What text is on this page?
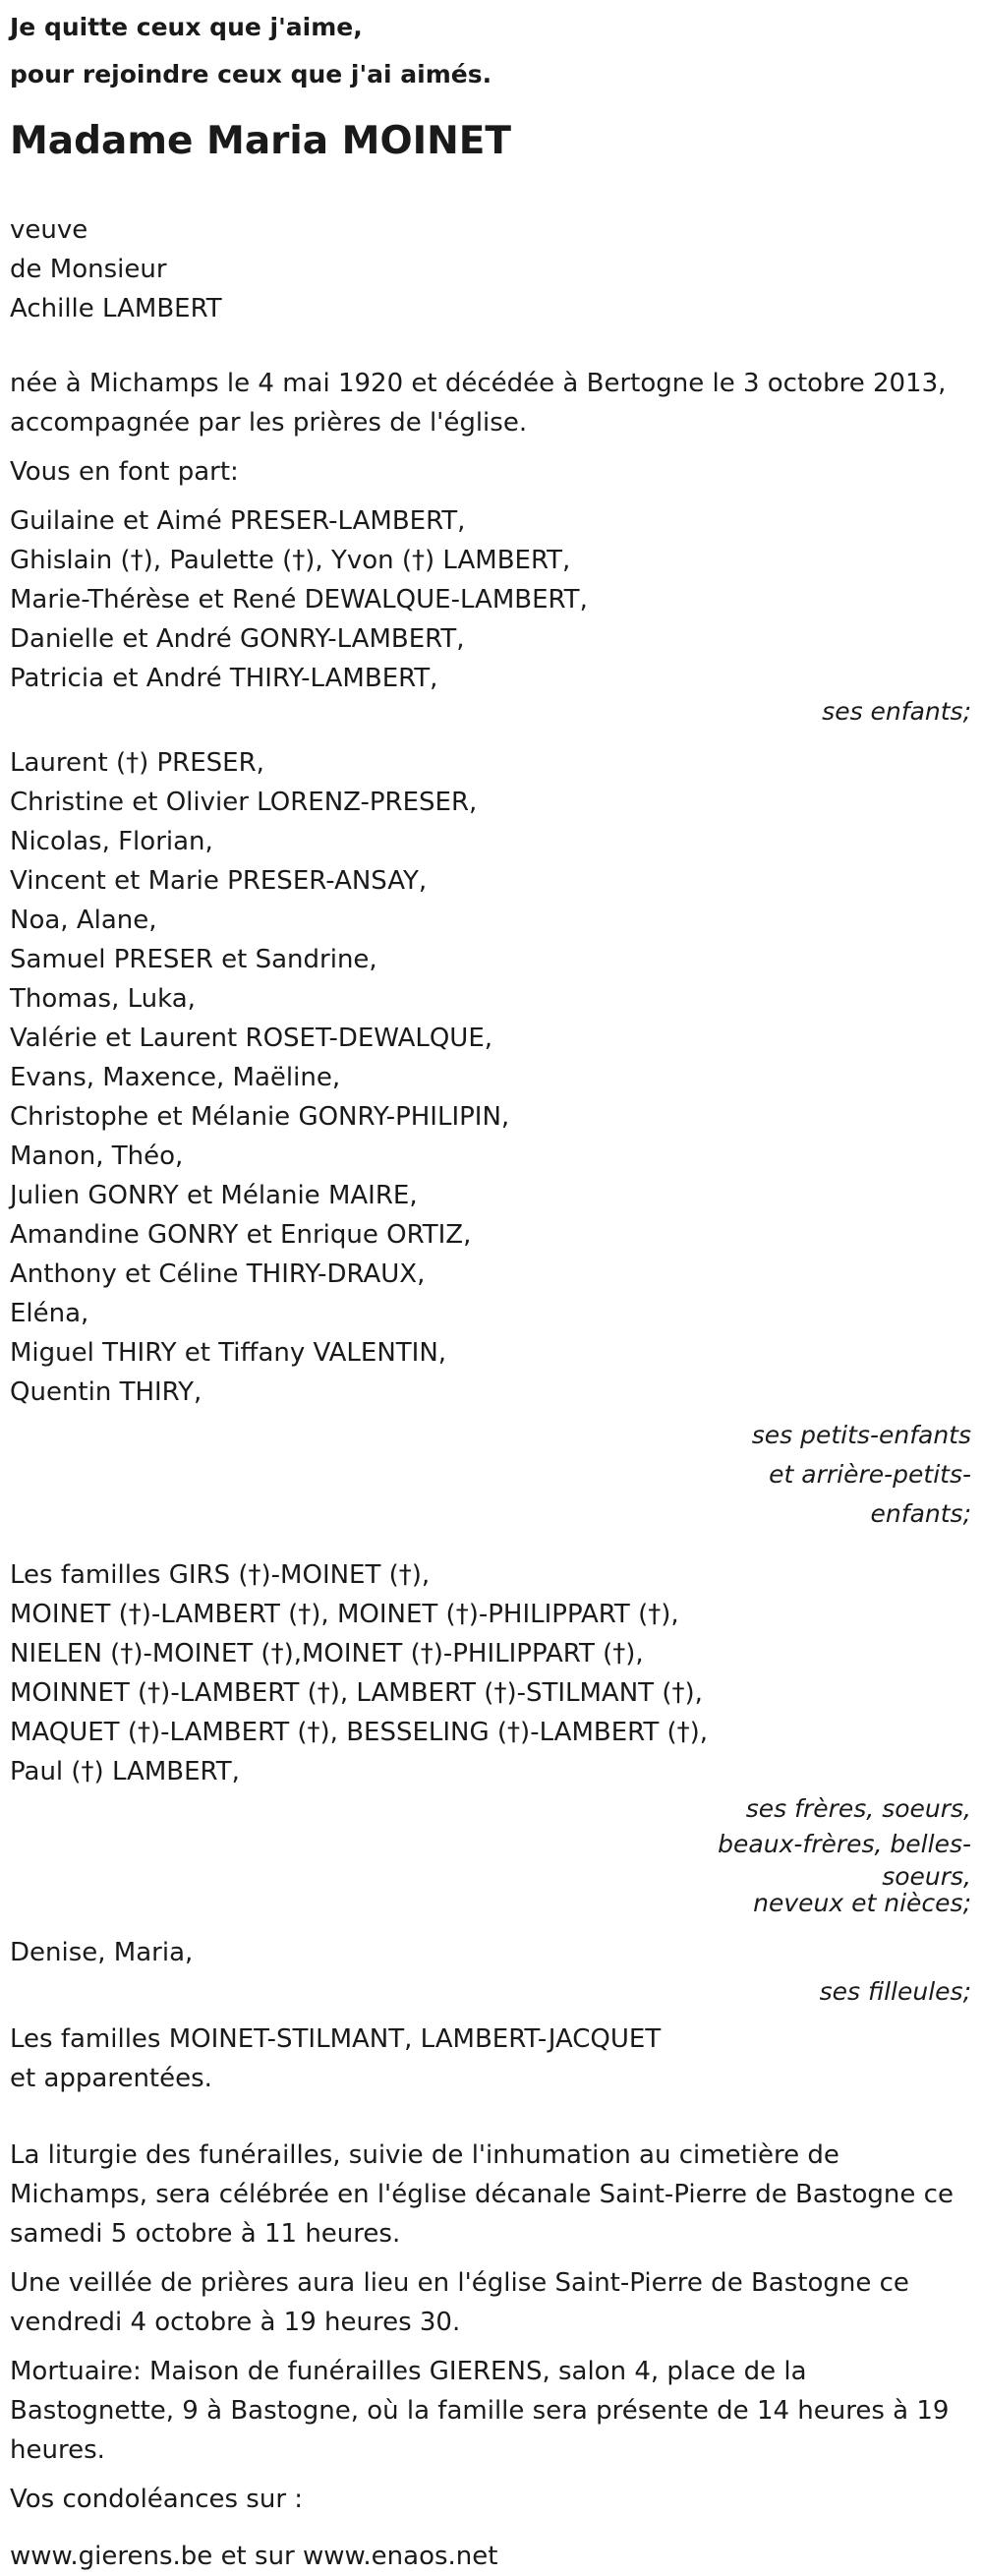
Je quitte ceux que j'aime,
pour rejoindre ceux que j'ai aimés.
Madame Maria MOINET
veuve
de Monsieur
Achille LAMBERT
née à Michamps le 4 mai 1920 et décédée à Bertogne le 3 octobre 2013,
accompagnée par les prières de l'église.
Vous en font part:
Guilaine et Aimé PRESER-LAMBERT,
Ghislain (†), Paulette (†), Yvon (†) LAMBERT,
Marie-Thérèse et René DEWALQUE-LAMBERT,
Danielle et André GONRY-LAMBERT,
Patricia et André THIRY-LAMBERT,
ses enfants;
Laurent (†) PRESER,
Christine et Olivier LORENZ-PRESER,
Nicolas, Florian,
Vincent et Marie PRESER-ANSAY,
Noa, Alane,
Samuel PRESER et Sandrine,
Thomas, Luka,
Valérie et Laurent ROSET-DEWALQUE,
Evans, Maxence, Maëline,
Christophe et Mélanie GONRY-PHILIPIN,
Manon, Théo,
Julien GONRY et Mélanie MAIRE,
Amandine GONRY et Enrique ORTIZ,
Anthony et Céline THIRY-DRAUX,
Eléna,
Miguel THIRY et Tiffany VALENTIN,
Quentin THIRY,
ses petits-enfants
et arrière-petits-
enfants;
Les familles GIRS (†)-MOINET (†),
MOINET (†)-LAMBERT (†), MOINET (†)-PHILIPPART (†),
NIELEN (†)-MOINET (†),MOINET (†)-PHILIPPART (†),
MOINNET (†)-LAMBERT (†), LAMBERT (†)-STILMANT (†),
MAQUET (†)-LAMBERT (†), BESSELING (†)-LAMBERT (†),
Paul (†) LAMBERT,
ses frères, soeurs,
beaux-frères, belles-
soeurs,
neveux et nièces;
Denise, Maria,
ses filleules;
Les familles MOINET-STILMANT, LAMBERT-JACQUET
et apparentées.
La liturgie des funérailles, suivie de l'inhumation au cimetière de
Michamps, sera célébrée en l'église décanale Saint-Pierre de Bastogne ce
samedi 5 octobre à 11 heures.
Une veillée de prières aura lieu en l'église Saint-Pierre de Bastogne ce
vendredi 4 octobre à 19 heures 30.
Mortuaire: Maison de funérailles GIERENS, salon 4, place de la
Bastognette, 9 à Bastogne, où la famille sera présente de 14 heures à 19
heures.
Vos condoléances sur :
www.gierens.be et sur www.enaos.net
